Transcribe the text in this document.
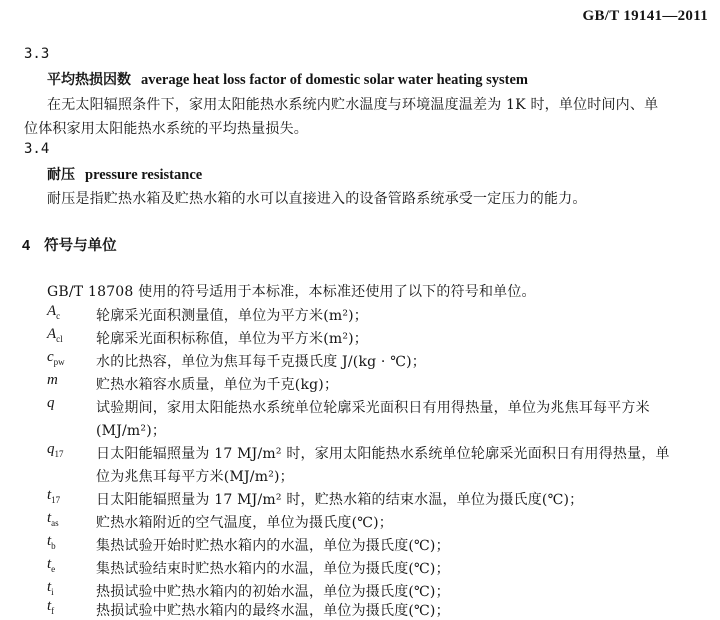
GB/T 19141—2011
3.3
平均热损因数 average heat loss factor of domestic solar water heating system
在无太阳辐照条件下，家用太阳能热水系统内贮水温度与环境温度温差为 1K 时，单位时间内、单
位体积家用太阳能热水系统的平均热量损失。
3.4
耐压 pressure resistance
耐压是指贮热水箱及贮热水箱的水可以直接进入的设备管路系统承受一定压力的能力。
4 符号与单位
GB/T 18708 使用的符号适用于本标准，本标准还使用了以下的符号和单位。
$A_c$	轮廓采光面积测量值，单位为平方米(m²)；
$A_{cl}$ 轮廓采光面积标称值，单位为平方米(m²)；
$c_{pw}$ 水的比热容，单位为焦耳每千克摄氏度 J/(kg · ℃)；
m	贮热水箱容水质量，单位为千克(kg)；
q	试验期间，家用太阳能热水系统单位轮廓采光面积日有用得热量，单位为兆焦耳每平方米
(MJ/m²)；
$q_{17}$ 日太阳能辐照量为 17 MJ/m² 时，家用太阳能热水系统单位轮廓采光面积日有用得热量，单
位为兆焦耳每平方米(MJ/m²)；
$t_{17}$	日太阳能辐照量为 17 MJ/m² 时，贮热水箱的结束水温，单位为摄氏度(℃)；
$t_{as}$	贮热水箱附近的空气温度，单位为摄氏度(℃)；
$t_b$	集热试验开始时贮热水箱内的水温，单位为摄氏度(℃)；
$t_e$	集热试验结束时贮热水箱内的水温，单位为摄氏度(℃)；
$t_i$	热损试验中贮热水箱内的初始水温，单位为摄氏度(℃)；
$t_f$	热损试验中贮热水箱内的最终水温，单位为摄氏度(℃)；
